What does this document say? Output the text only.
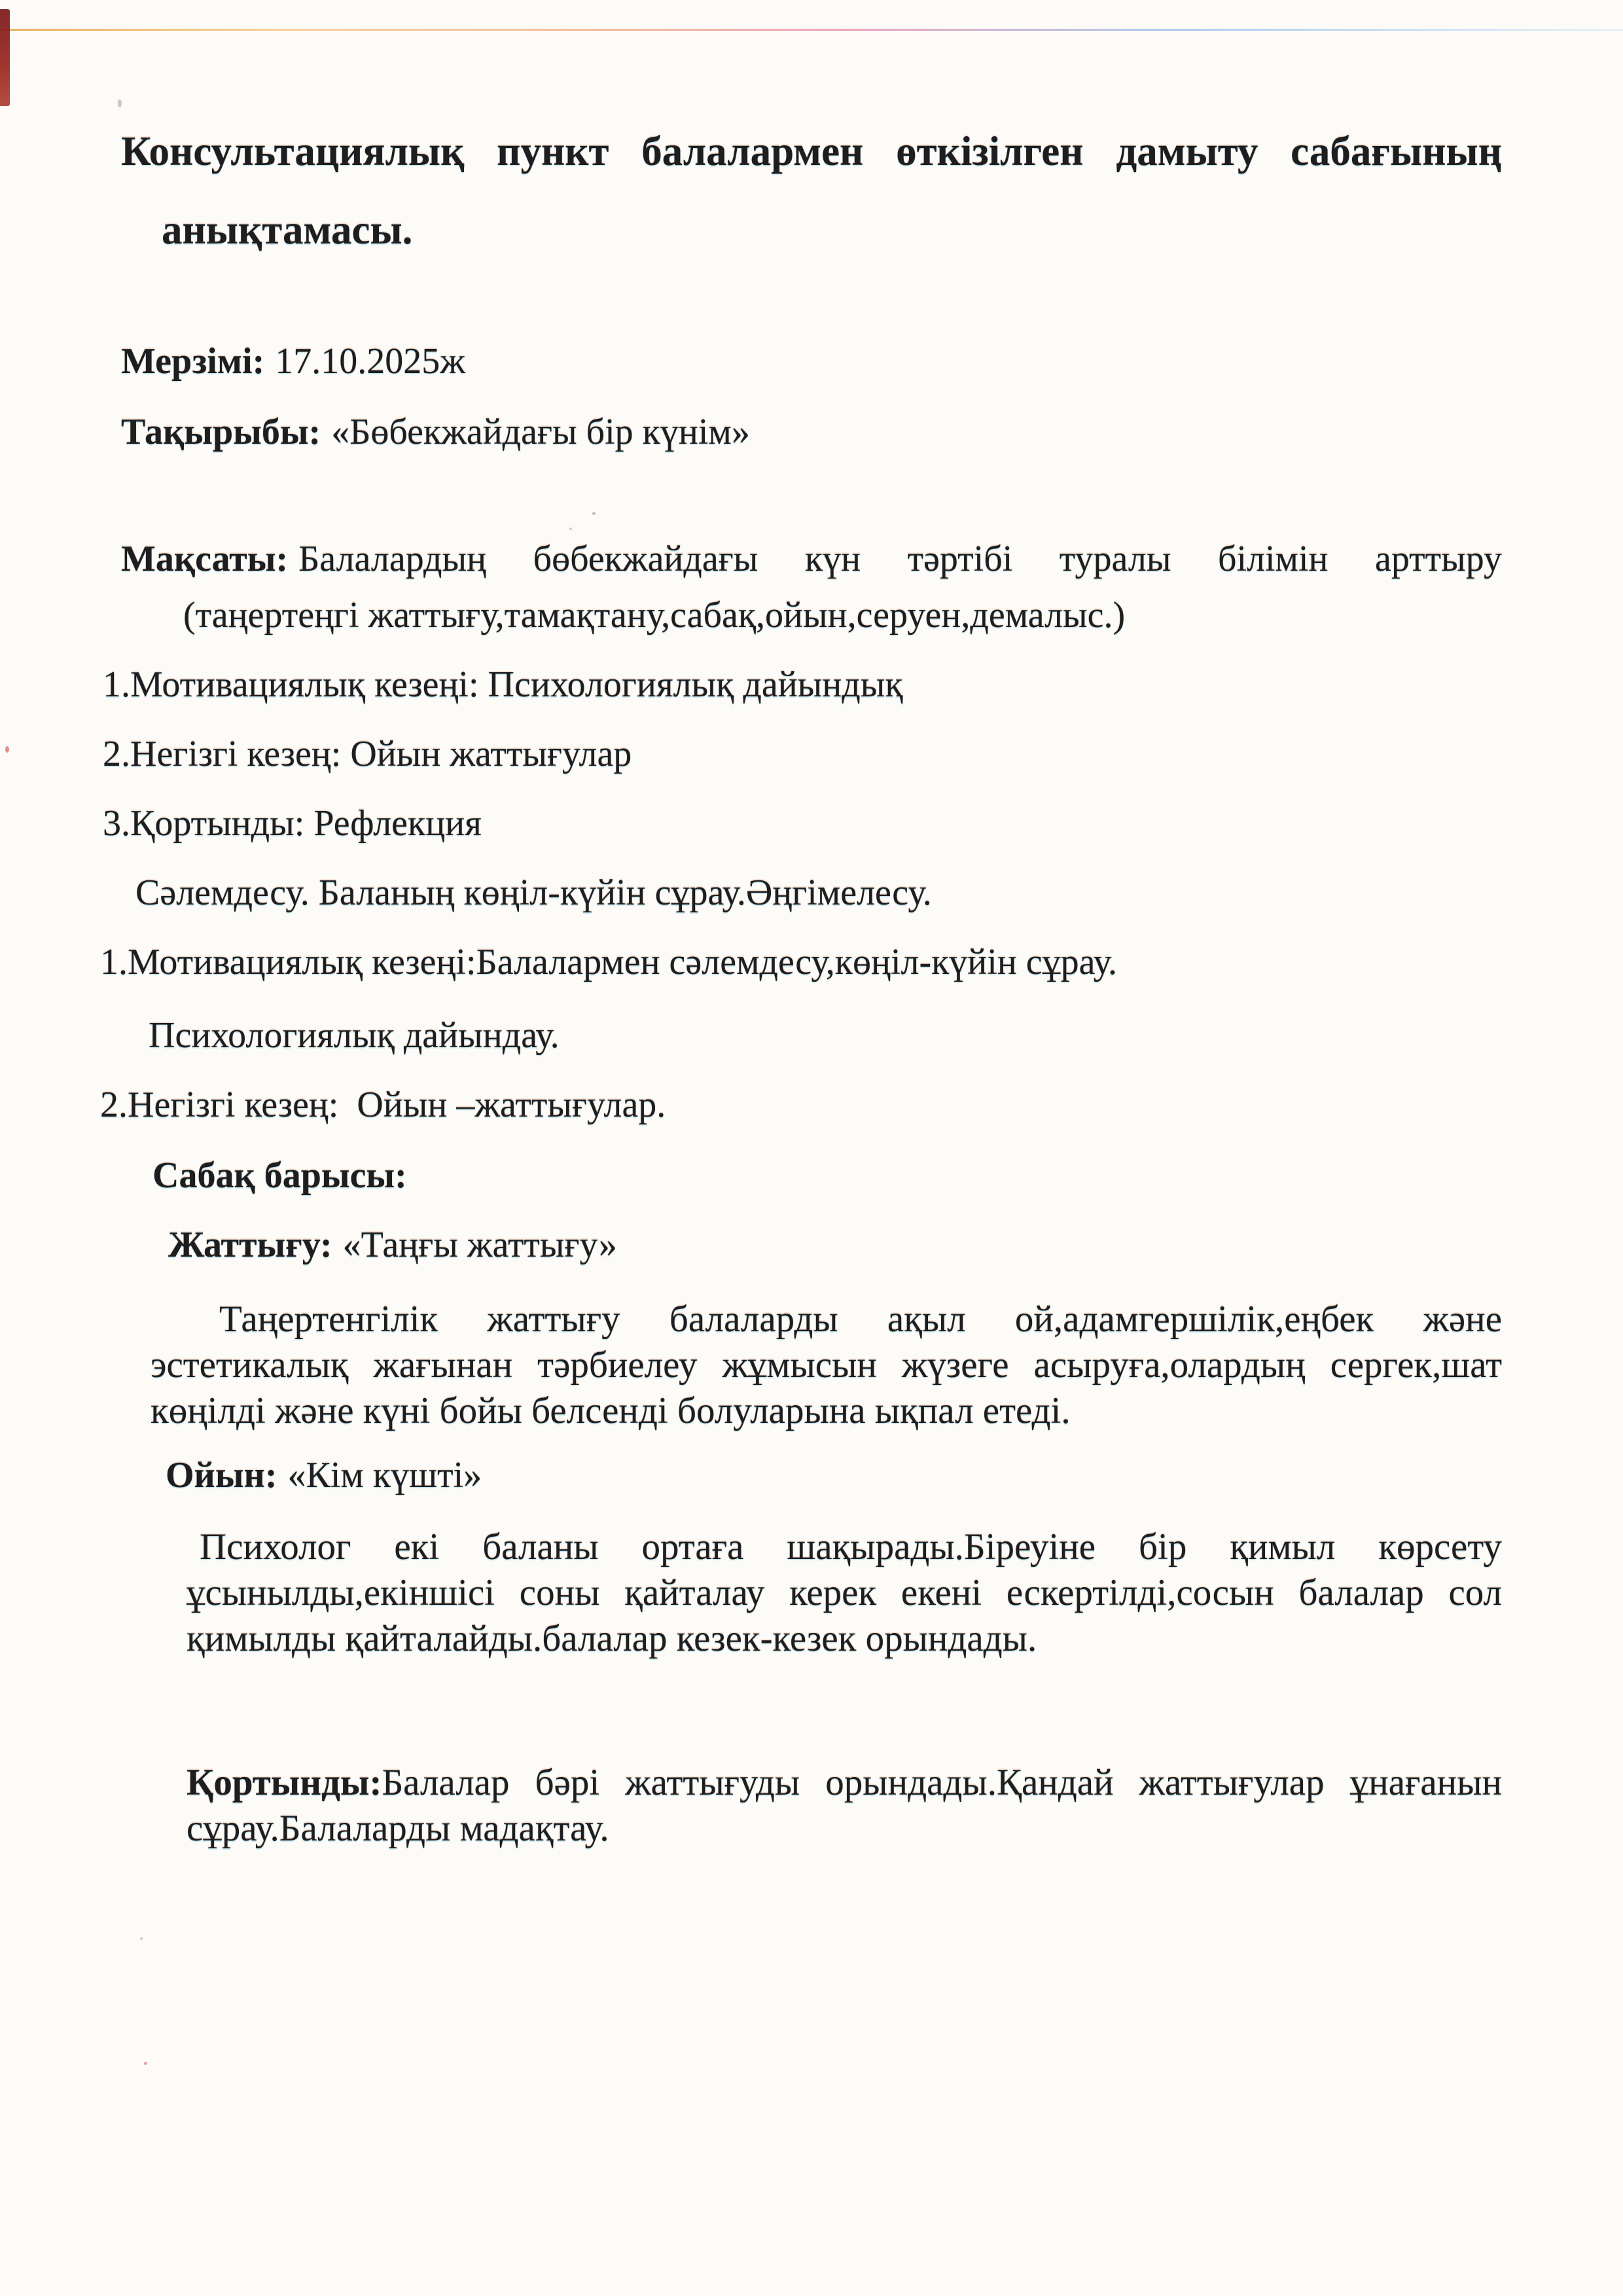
Консультациялық пункт балалармен өткізілген дамыту сабағының
анықтамасы.

Мерзімі: 17.10.2025ж

Тақырыбы: «Бөбекжайдағы бір күнім»

Мақсаты: Балалардың бөбекжайдағы күн тәртібі туралы білімін арттыру
(таңертеңгі жаттығу,тамақтану,сабақ,ойын,серуен,демалыс.)

1.Мотивациялық кезеңі: Психологиялық дайындық

2.Негізгі кезең: Ойын жаттығулар

3.Қортынды: Рефлекция

Сәлемдесу. Баланың көңіл-күйін сұрау.Әңгімелесу.

1.Мотивациялық кезеңі:Балалармен сәлемдесу,көңіл-күйін сұрау.

Психологиялық дайындау.

2.Негізгі кезең:  Ойын –жаттығулар.

Сабақ барысы:

Жаттығу: «Таңғы жаттығу»

Таңертенгілік жаттығу балаларды ақыл ой,адамгершілік,еңбек және эстетикалық жағынан тәрбиелеу жұмысын жүзеге асыруға,олардың сергек,шат көңілді және күні бойы белсенді болуларына ықпал етеді.

Ойын: «Кім күшті»

Психолог екі баланы ортаға шақырады.Біреуіне бір қимыл көрсету ұсынылды,екіншісі соны қайталау керек екені ескертілді,сосын балалар сол қимылды қайталайды.балалар кезек-кезек орындады.

Қортынды:Балалар бәрі жаттығуды орындады.Қандай жаттығулар ұнағанын сұрау.Балаларды мадақтау.
